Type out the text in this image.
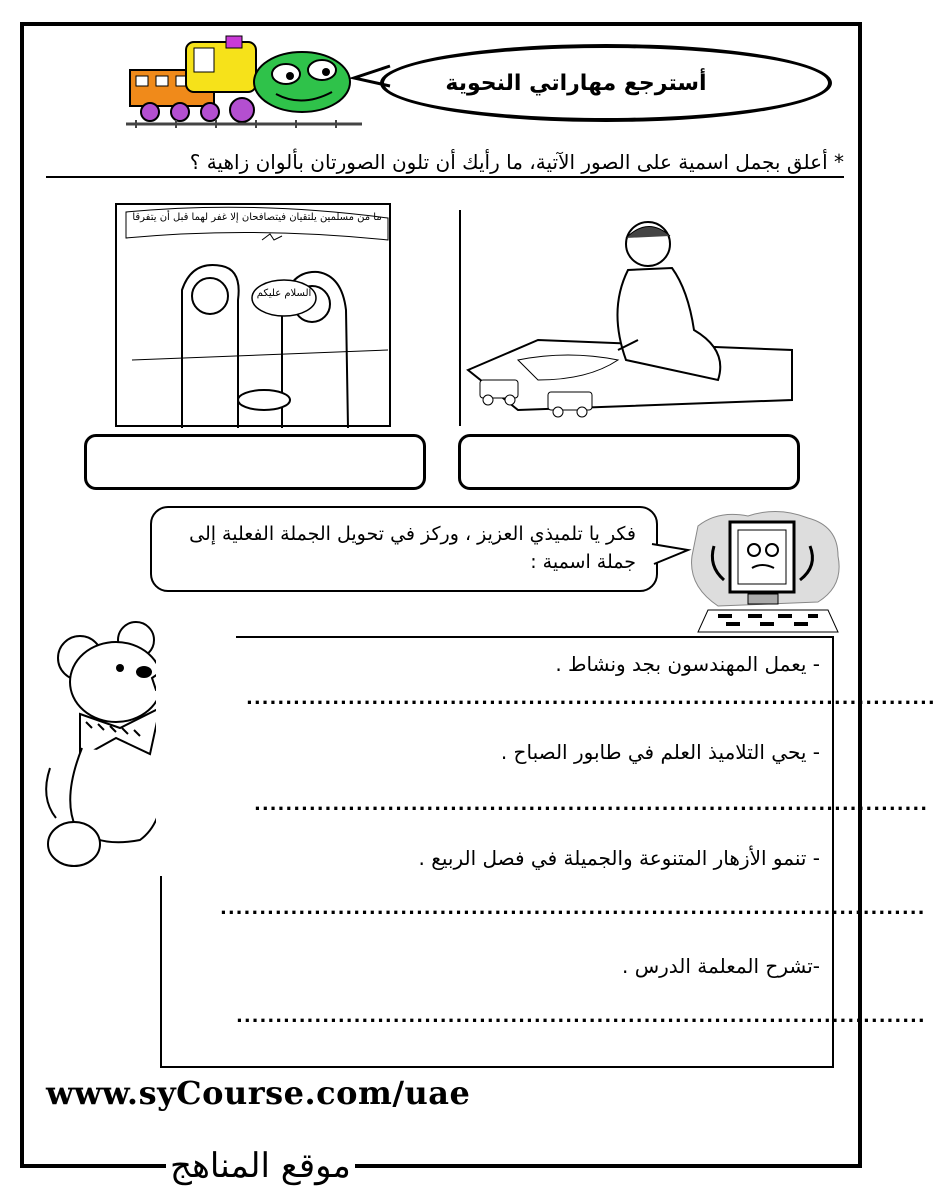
أسترجع مهاراتي النحوية
* أعلق بجمل اسمية على الصور الآتية، ما رأيك أن تلون الصورتان بألوان زاهية ؟
ما من مسلمين يلتقيان فيتصافحان إلا غفر لهما قبل أن يتفرقا
السلام عليكم
فكر يا تلميذي العزيز ، وركز في تحويل الجملة الفعلية إلى جملة اسمية :
- يعمل المهندسون بجد ونشاط .
........................................................................................
- يحي التلاميذ العلم في طابور الصباح .
......................................................................................
- تنمو الأزهار المتنوعة والجميلة في فصل الربيع .
..........................................................................................
-تشرح المعلمة الدرس .
........................................................................................
www.syCourse.com/uae
موقع المناهج
